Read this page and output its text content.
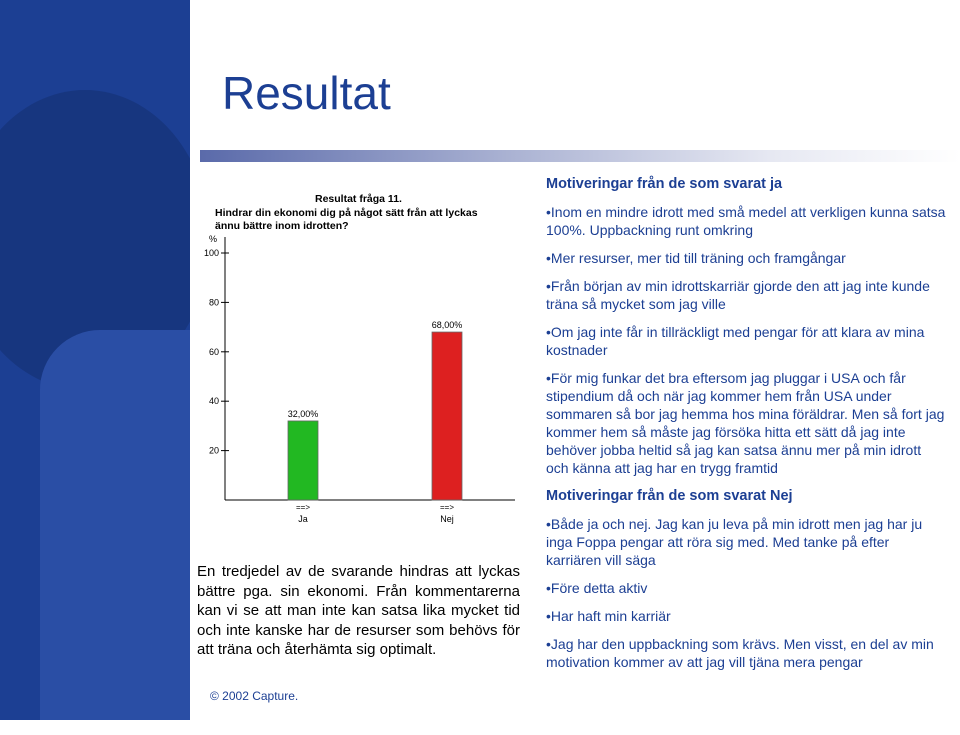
Resultat
Resultat fråga 11.
Hindrar din ekonomi dig på något sätt från att lyckas
ännu bättre inom idrotten?
%
20
40
60
80
100
32,00%
==>
Ja
68,00%
==>
Nej

En tredjedel av de svarande hindras att lyckas bättre pga. sin ekonomi. Från kommentarerna kan vi se att man inte kan satsa lika mycket tid och inte kanske har de resurser som behövs för att träna och återhämta sig optimalt.

© 2002 Capture.
Motiveringar från de som svarat ja

• Inom en mindre idrott med små medel att verkligen kunna satsa 100%. Uppbackning runt omkring

• Mer resurser, mer tid till träning och framgångar

• Från början av min idrottskarriär gjorde den att jag inte kunde träna så mycket som jag ville

• Om jag inte får in tillräckligt med pengar för att klara av mina kostnader

• För mig funkar det bra eftersom jag pluggar i USA och får stipendium då och när jag kommer hem från USA under sommaren så bor jag hemma hos mina föräldrar. Men så fort jag kommer hem så måste jag försöka hitta ett sätt då jag inte behöver jobba heltid så jag kan satsa ännu mer på min idrott och känna att jag har en trygg framtid

Motiveringar från de som svarat Nej

• Både ja och nej. Jag kan ju leva på min idrott men jag har ju inga Foppa pengar att röra sig med. Med tanke på efter karriären vill säga

• Före detta aktiv

• Har haft min karriär

• Jag har den uppbackning som krävs. Men visst, en del av min motivation kommer av att jag vill tjäna mera pengar
